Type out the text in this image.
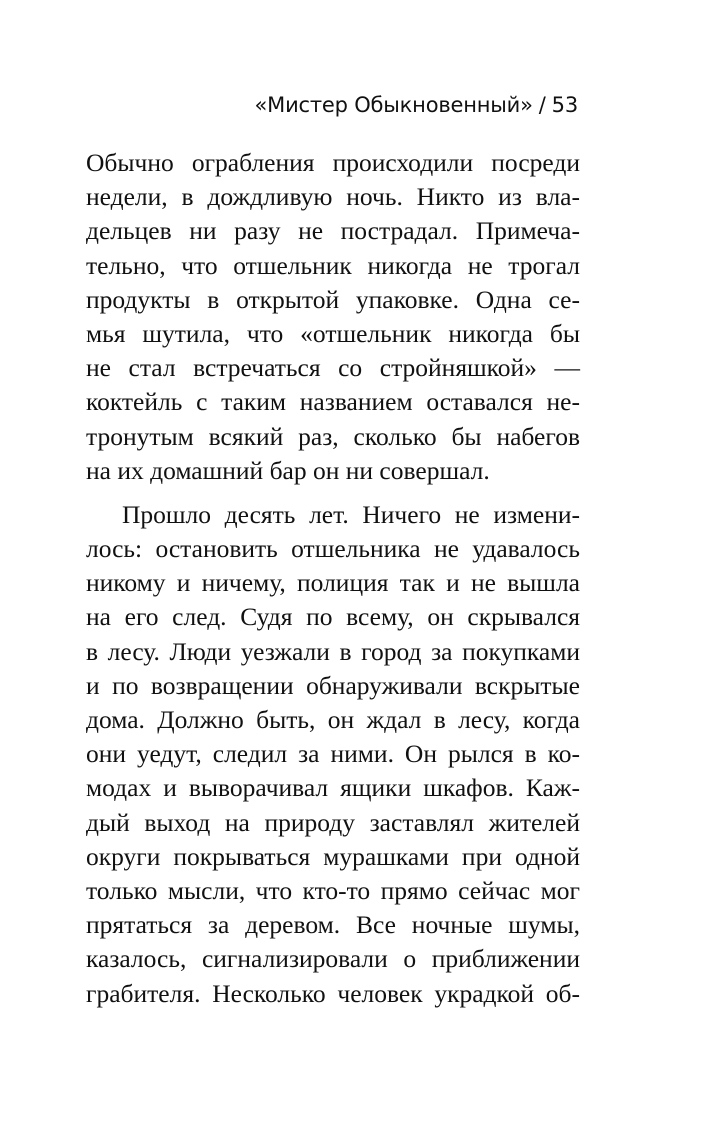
«Мистер Обыкновенный» / 53
Обычно ограбления происходили посреди
недели, в дождливую ночь. Никто из вла-
дельцев ни разу не пострадал. Примеча-
тельно, что отшельник никогда не трогал
продукты в открытой упаковке. Одна се-
мья шутила, что «отшельник никогда бы
не стал встречаться со стройняшкой» —
коктейль с таким названием оставался не-
тронутым всякий раз, сколько бы набегов
на их домашний бар он ни совершал.
Прошло десять лет. Ничего не измени-
лось: остановить отшельника не удавалось
никому и ничему, полиция так и не вышла
на его след. Судя по всему, он скрывался
в лесу. Люди уезжали в город за покупками
и по возвращении обнаруживали вскрытые
дома. Должно быть, он ждал в лесу, когда
они уедут, следил за ними. Он рылся в ко-
модах и выворачивал ящики шкафов. Каж-
дый выход на природу заставлял жителей
округи покрываться мурашками при одной
только мысли, что кто-то прямо сейчас мог
прятаться за деревом. Все ночные шумы,
казалось, сигнализировали о приближении
грабителя. Несколько человек украдкой об-
